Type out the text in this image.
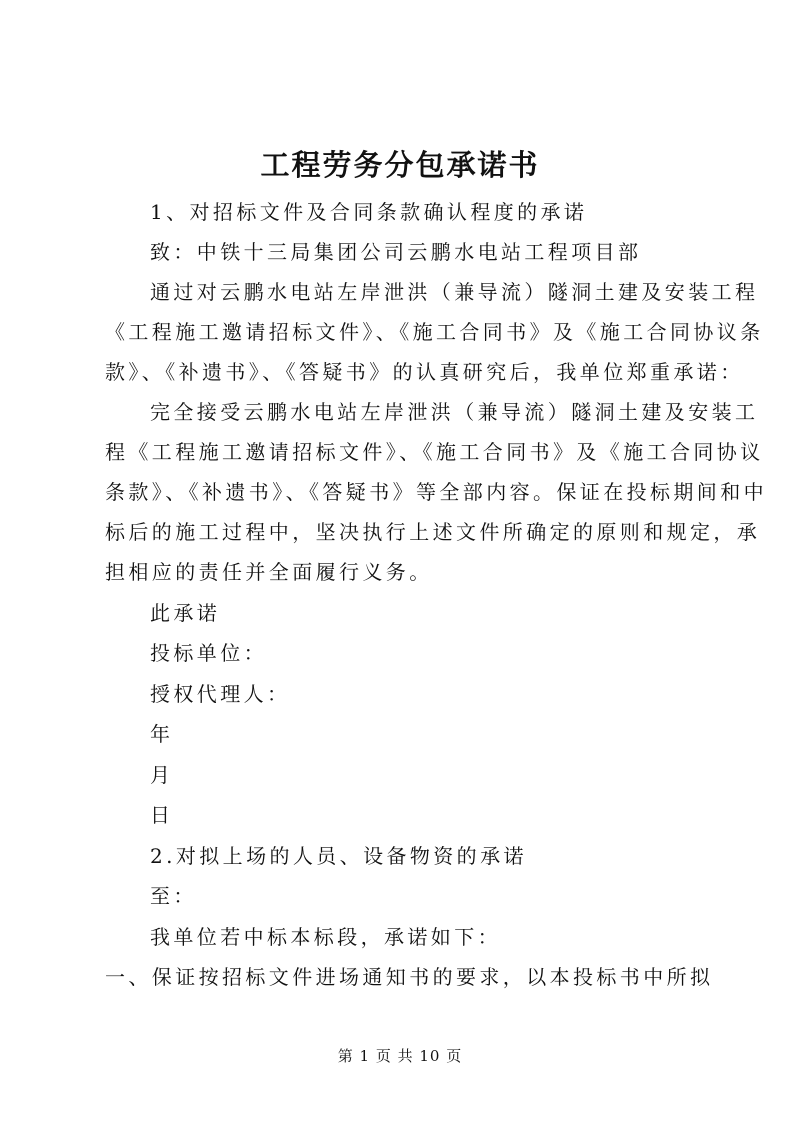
工程劳务分包承诺书

1、对招标文件及合同条款确认程度的承诺

致：中铁十三局集团公司云鹏水电站工程项目部

通过对云鹏水电站左岸泄洪（兼导流）隧洞土建及安装工程

《工程施工邀请招标文件》、《施工合同书》及《施工合同协议条

款》、《补遗书》、《答疑书》的认真研究后，我单位郑重承诺：

完全接受云鹏水电站左岸泄洪（兼导流）隧洞土建及安装工

程《工程施工邀请招标文件》、《施工合同书》及《施工合同协议

条款》、《补遗书》、《答疑书》等全部内容。保证在投标期间和中

标后的施工过程中，坚决执行上述文件所确定的原则和规定，承

担相应的责任并全面履行义务。

此承诺

投标单位：

授权代理人：

年

月

日

2.对拟上场的人员、设备物资的承诺

至：

我单位若中标本标段，承诺如下：

一、保证按招标文件进场通知书的要求，以本投标书中所拟

第 1 页 共 10 页
